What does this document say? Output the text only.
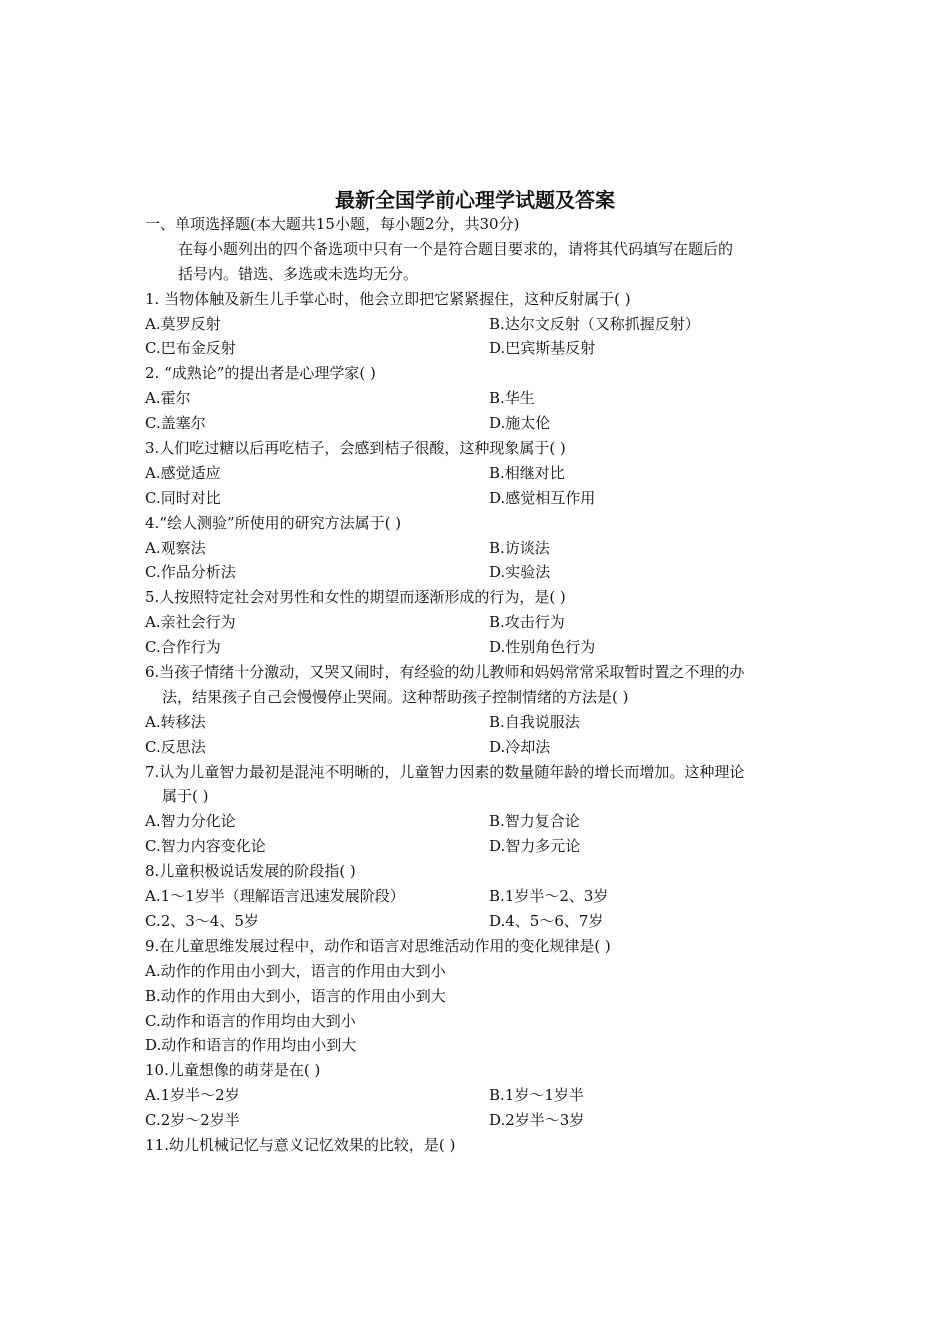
最新全国学前心理学试题及答案
一、单项选择题(本大题共15小题，每小题2分，共30分)
在每小题列出的四个备选项中只有一个是符合题目要求的，请将其代码填写在题后的
括号内。错选、多选或未选均无分。
1. 当物体触及新生儿手掌心时，他会立即把它紧紧握住，这种反射属于( )
A.莫罗反射	B.达尔文反射（又称抓握反射）
C.巴布金反射	D.巴宾斯基反射
2. “成熟论”的提出者是心理学家( )
A.霍尔	B.华生
C.盖塞尔	D.施太伦
3.人们吃过糖以后再吃桔子，会感到桔子很酸，这种现象属于( )
A.感觉适应	B.相继对比
C.同时对比	D.感觉相互作用
4.“绘人测验”所使用的研究方法属于( )
A.观察法	B.访谈法
C.作品分析法	D.实验法
5.人按照特定社会对男性和女性的期望而逐渐形成的行为，是( )
A.亲社会行为	B.攻击行为
C.合作行为	D.性别角色行为
6.当孩子情绪十分激动，又哭又闹时，有经验的幼儿教师和妈妈常常采取暂时置之不理的办
法，结果孩子自己会慢慢停止哭闹。这种帮助孩子控制情绪的方法是( )
A.转移法	B.自我说服法
C.反思法	D.冷却法
7.认为儿童智力最初是混沌不明晰的，儿童智力因素的数量随年龄的增长而增加。这种理论
属于( )
A.智力分化论	B.智力复合论
C.智力内容变化论	D.智力多元论
8.儿童积极说话发展的阶段指( )
A.1～1岁半（理解语言迅速发展阶段）	B.1岁半～2、3岁
C.2、3～4、5岁	D.4、5～6、7岁
9.在儿童思维发展过程中，动作和语言对思维活动作用的变化规律是( )
A.动作的作用由小到大，语言的作用由大到小
B.动作的作用由大到小，语言的作用由小到大
C.动作和语言的作用均由大到小
D.动作和语言的作用均由小到大
10.儿童想像的萌芽是在( )
A.1岁半～2岁	B.1岁～1岁半
C.2岁～2岁半	D.2岁半～3岁
11.幼儿机械记忆与意义记忆效果的比较，是( )
